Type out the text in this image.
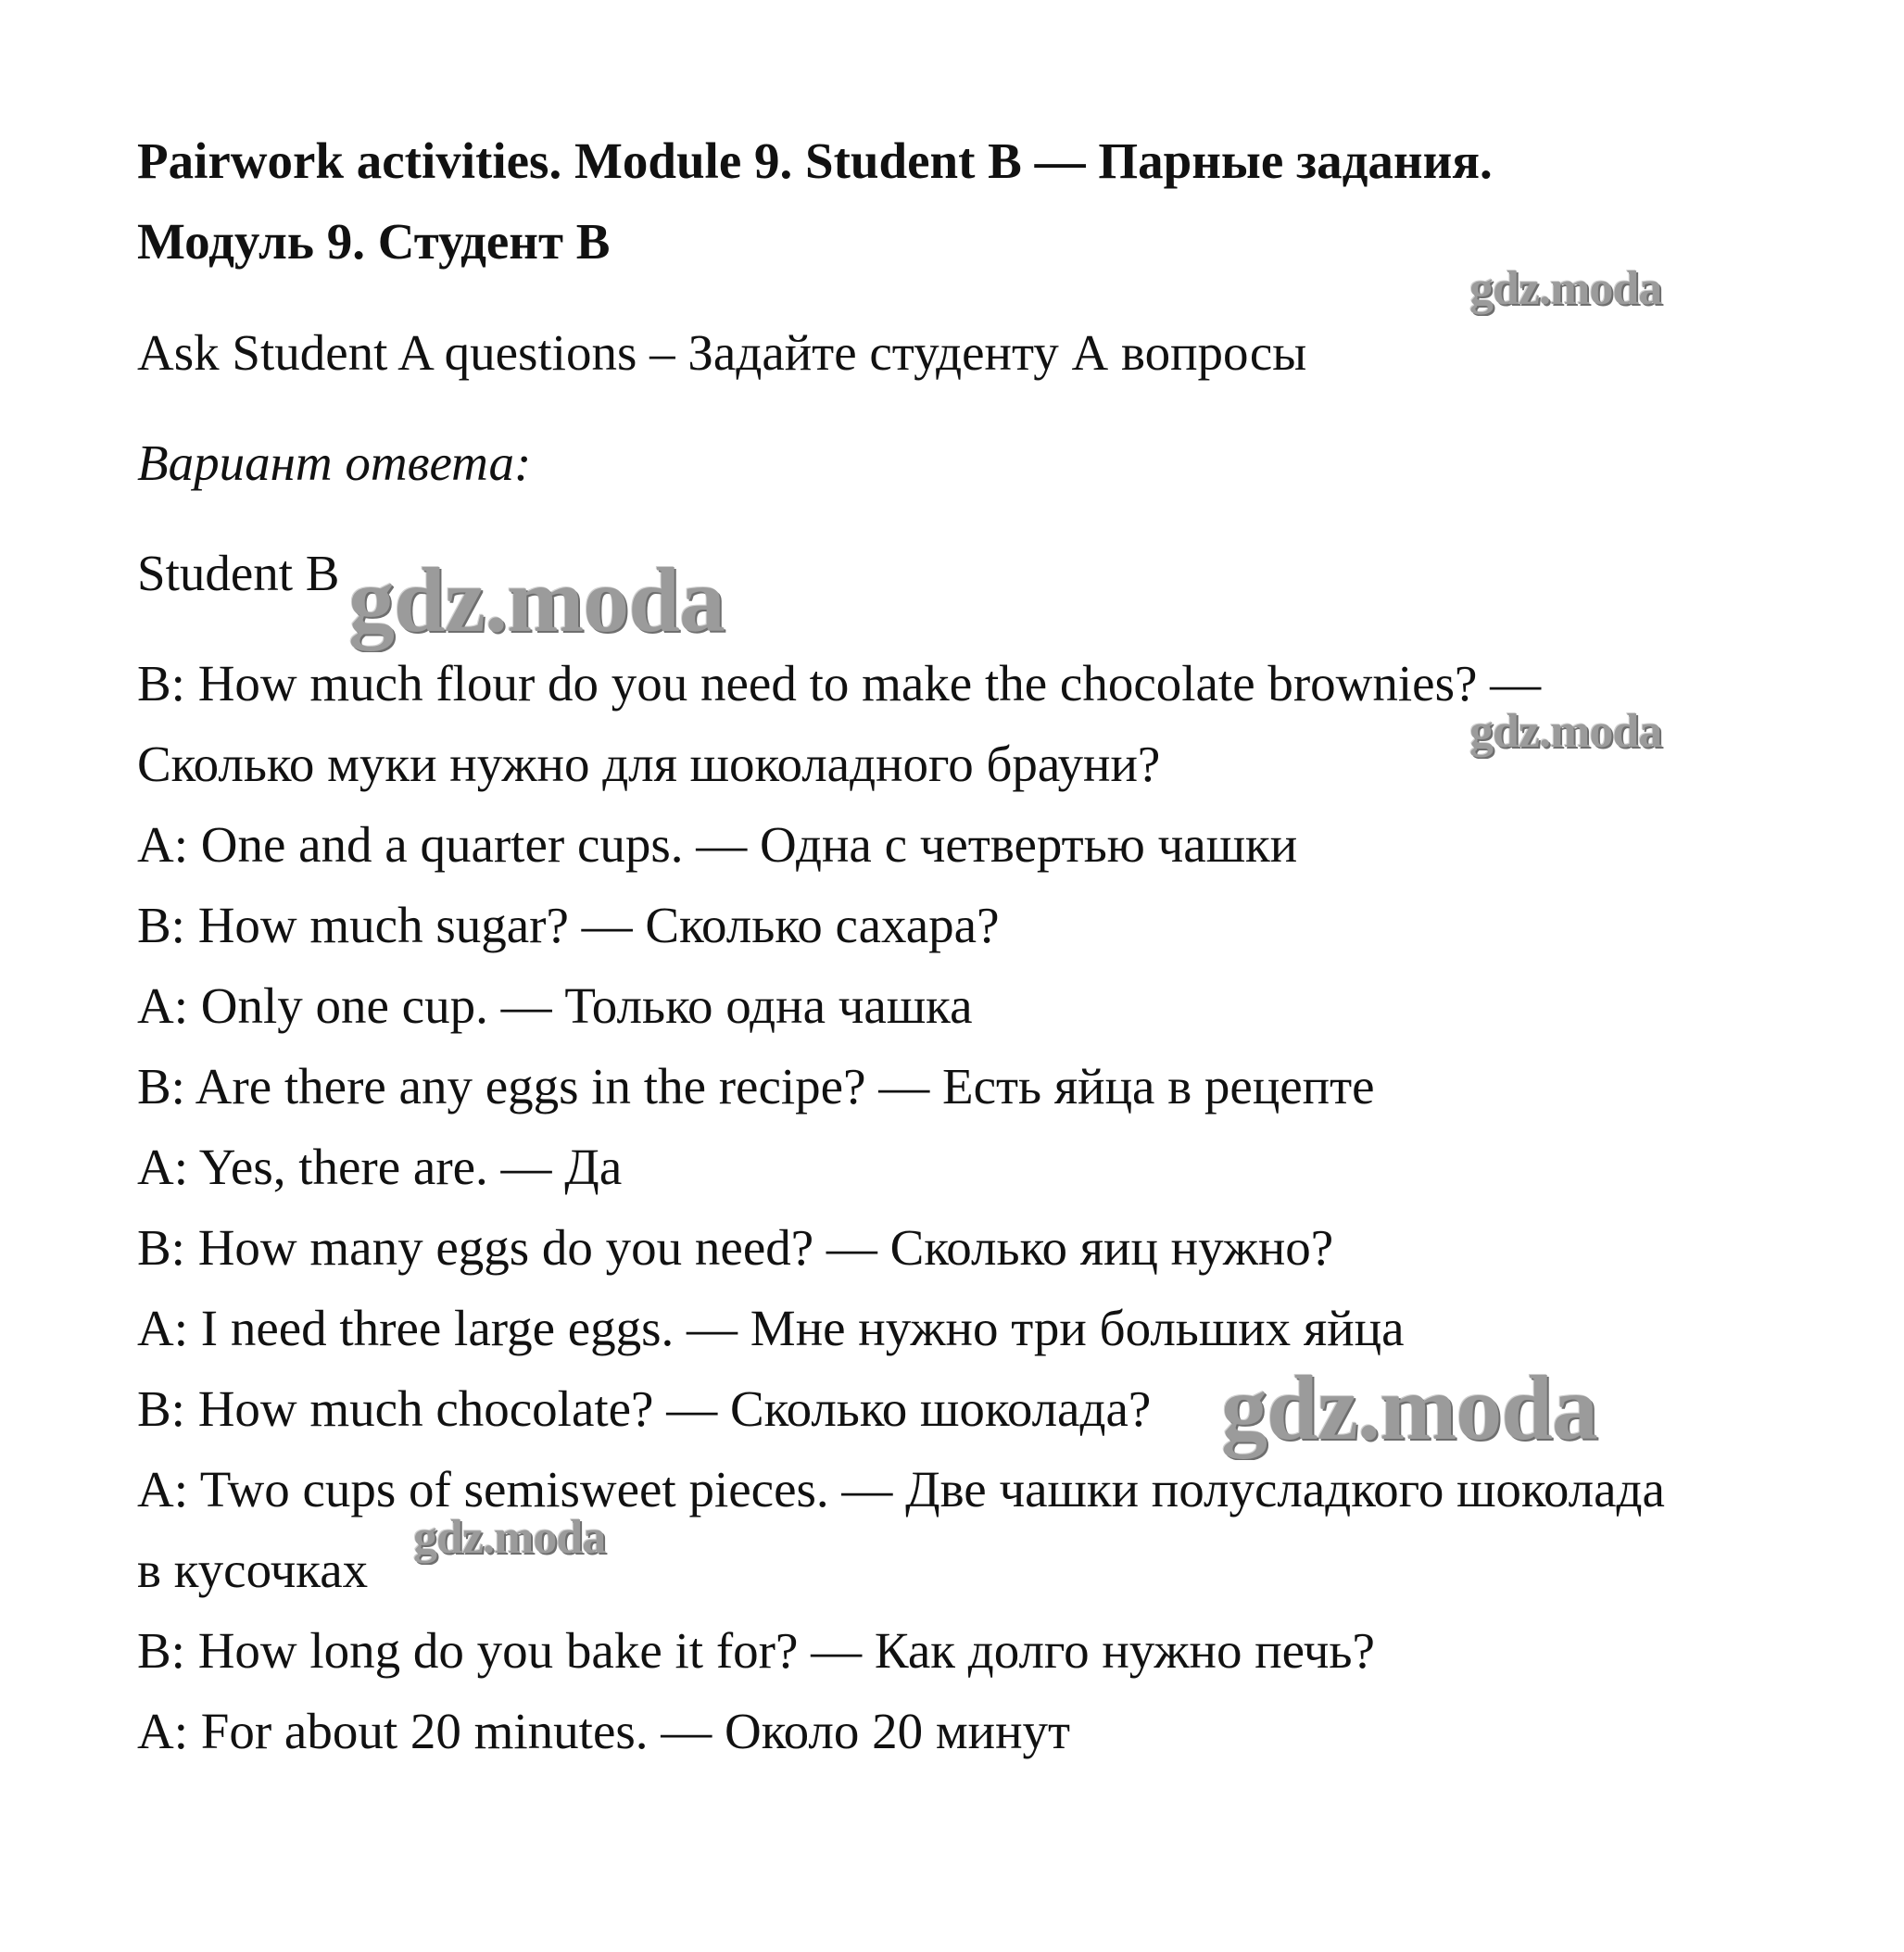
Pairwork activities. Module 9. Student B — Парные задания.
Модуль 9. Студент В
Ask Student A questions – Задайте студенту А вопросы
Вариант ответа:
Student B
B: How much flour do you need to make the chocolate brownies? —
Сколько муки нужно для шоколадного брауни?
A: One and a quarter cups. — Одна с четвертью чашки
B: How much sugar? — Сколько сахара?
A: Only one cup. — Только одна чашка
B: Are there any eggs in the recipe? — Есть яйца в рецепте
A: Yes, there are. — Да
B: How many eggs do you need? — Сколько яиц нужно?
A: I need three large eggs. — Мне нужно три больших яйца
B: How much chocolate? — Сколько шоколада?
A: Two cups of semisweet pieces. — Две чашки полусладкого шоколада
в кусочках
B: How long do you bake it for? — Как долго нужно печь?
A: For about 20 minutes. — Около 20 минут
gdz.moda
gdz.moda
gdz.moda
gdz.moda
gdz.moda
